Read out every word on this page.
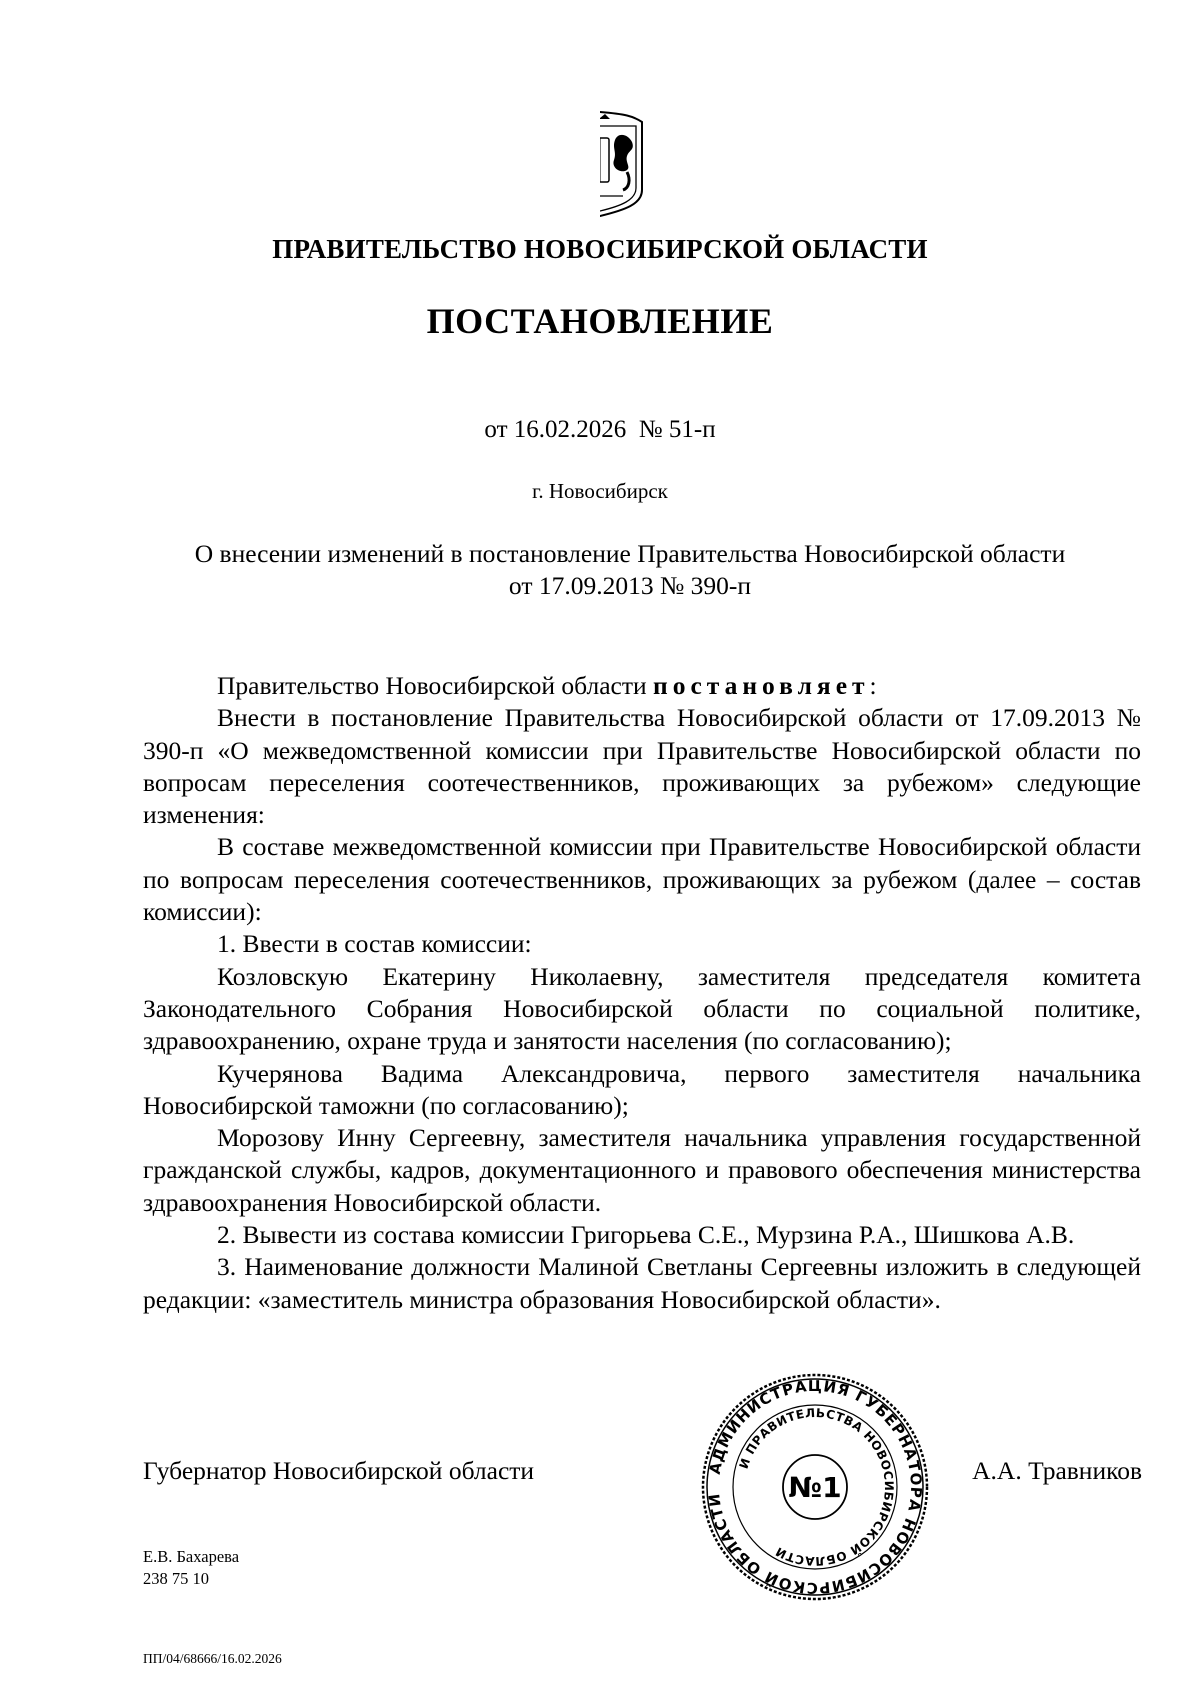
ПРАВИТЕЛЬСТВО НОВОСИБИРСКОЙ ОБЛАСТИ
ПОСТАНОВЛЕНИЕ
от 16.02.2026  № 51-п
г. Новосибирск
О внесении изменений в постановление Правительства Новосибирской области
от 17.09.2013 № 390-п

Правительство Новосибирской области постановляет:

Внести в постановление Правительства Новосибирской области от 17.09.2013 № 390-п «О межведомственной комиссии при Правительстве Новосибирской области по вопросам переселения соотечественников, проживающих за рубежом» следующие изменения:

В составе межведомственной комиссии при Правительстве Новосибирской области по вопросам переселения соотечественников, проживающих за рубежом (далее – состав комиссии):

1. Ввести в состав комиссии:

Козловскую Екатерину Николаевну, заместителя председателя комитета Законодательного Собрания Новосибирской области по социальной политике, здравоохранению, охране труда и занятости населения (по согласованию);

Кучерянова Вадима Александровича, первого заместителя начальника Новосибирской таможни (по согласованию);

Морозову Инну Сергеевну, заместителя начальника управления государственной гражданской службы, кадров, документационного и правового обеспечения министерства здравоохранения Новосибирской области.

2. Вывести из состава комиссии Григорьева С.Е., Мурзина Р.А., Шишкова А.В.

3. Наименование должности Малиной Светланы Сергеевны изложить в следующей редакции: «заместитель министра образования Новосибирской области».

Губернатор Новосибирской области	А.А. Травников
АДМИНИСТРАЦИЯ ГУБЕРНАТОРА НОВОСИБИРСКОЙ ОБЛАСТИ
И ПРАВИТЕЛЬСТВА НОВОСИБИРСКОЙ ОБЛАСТИ
№1
Е.В. Бахарева
238 75 10
ПП/04/68666/16.02.2026
